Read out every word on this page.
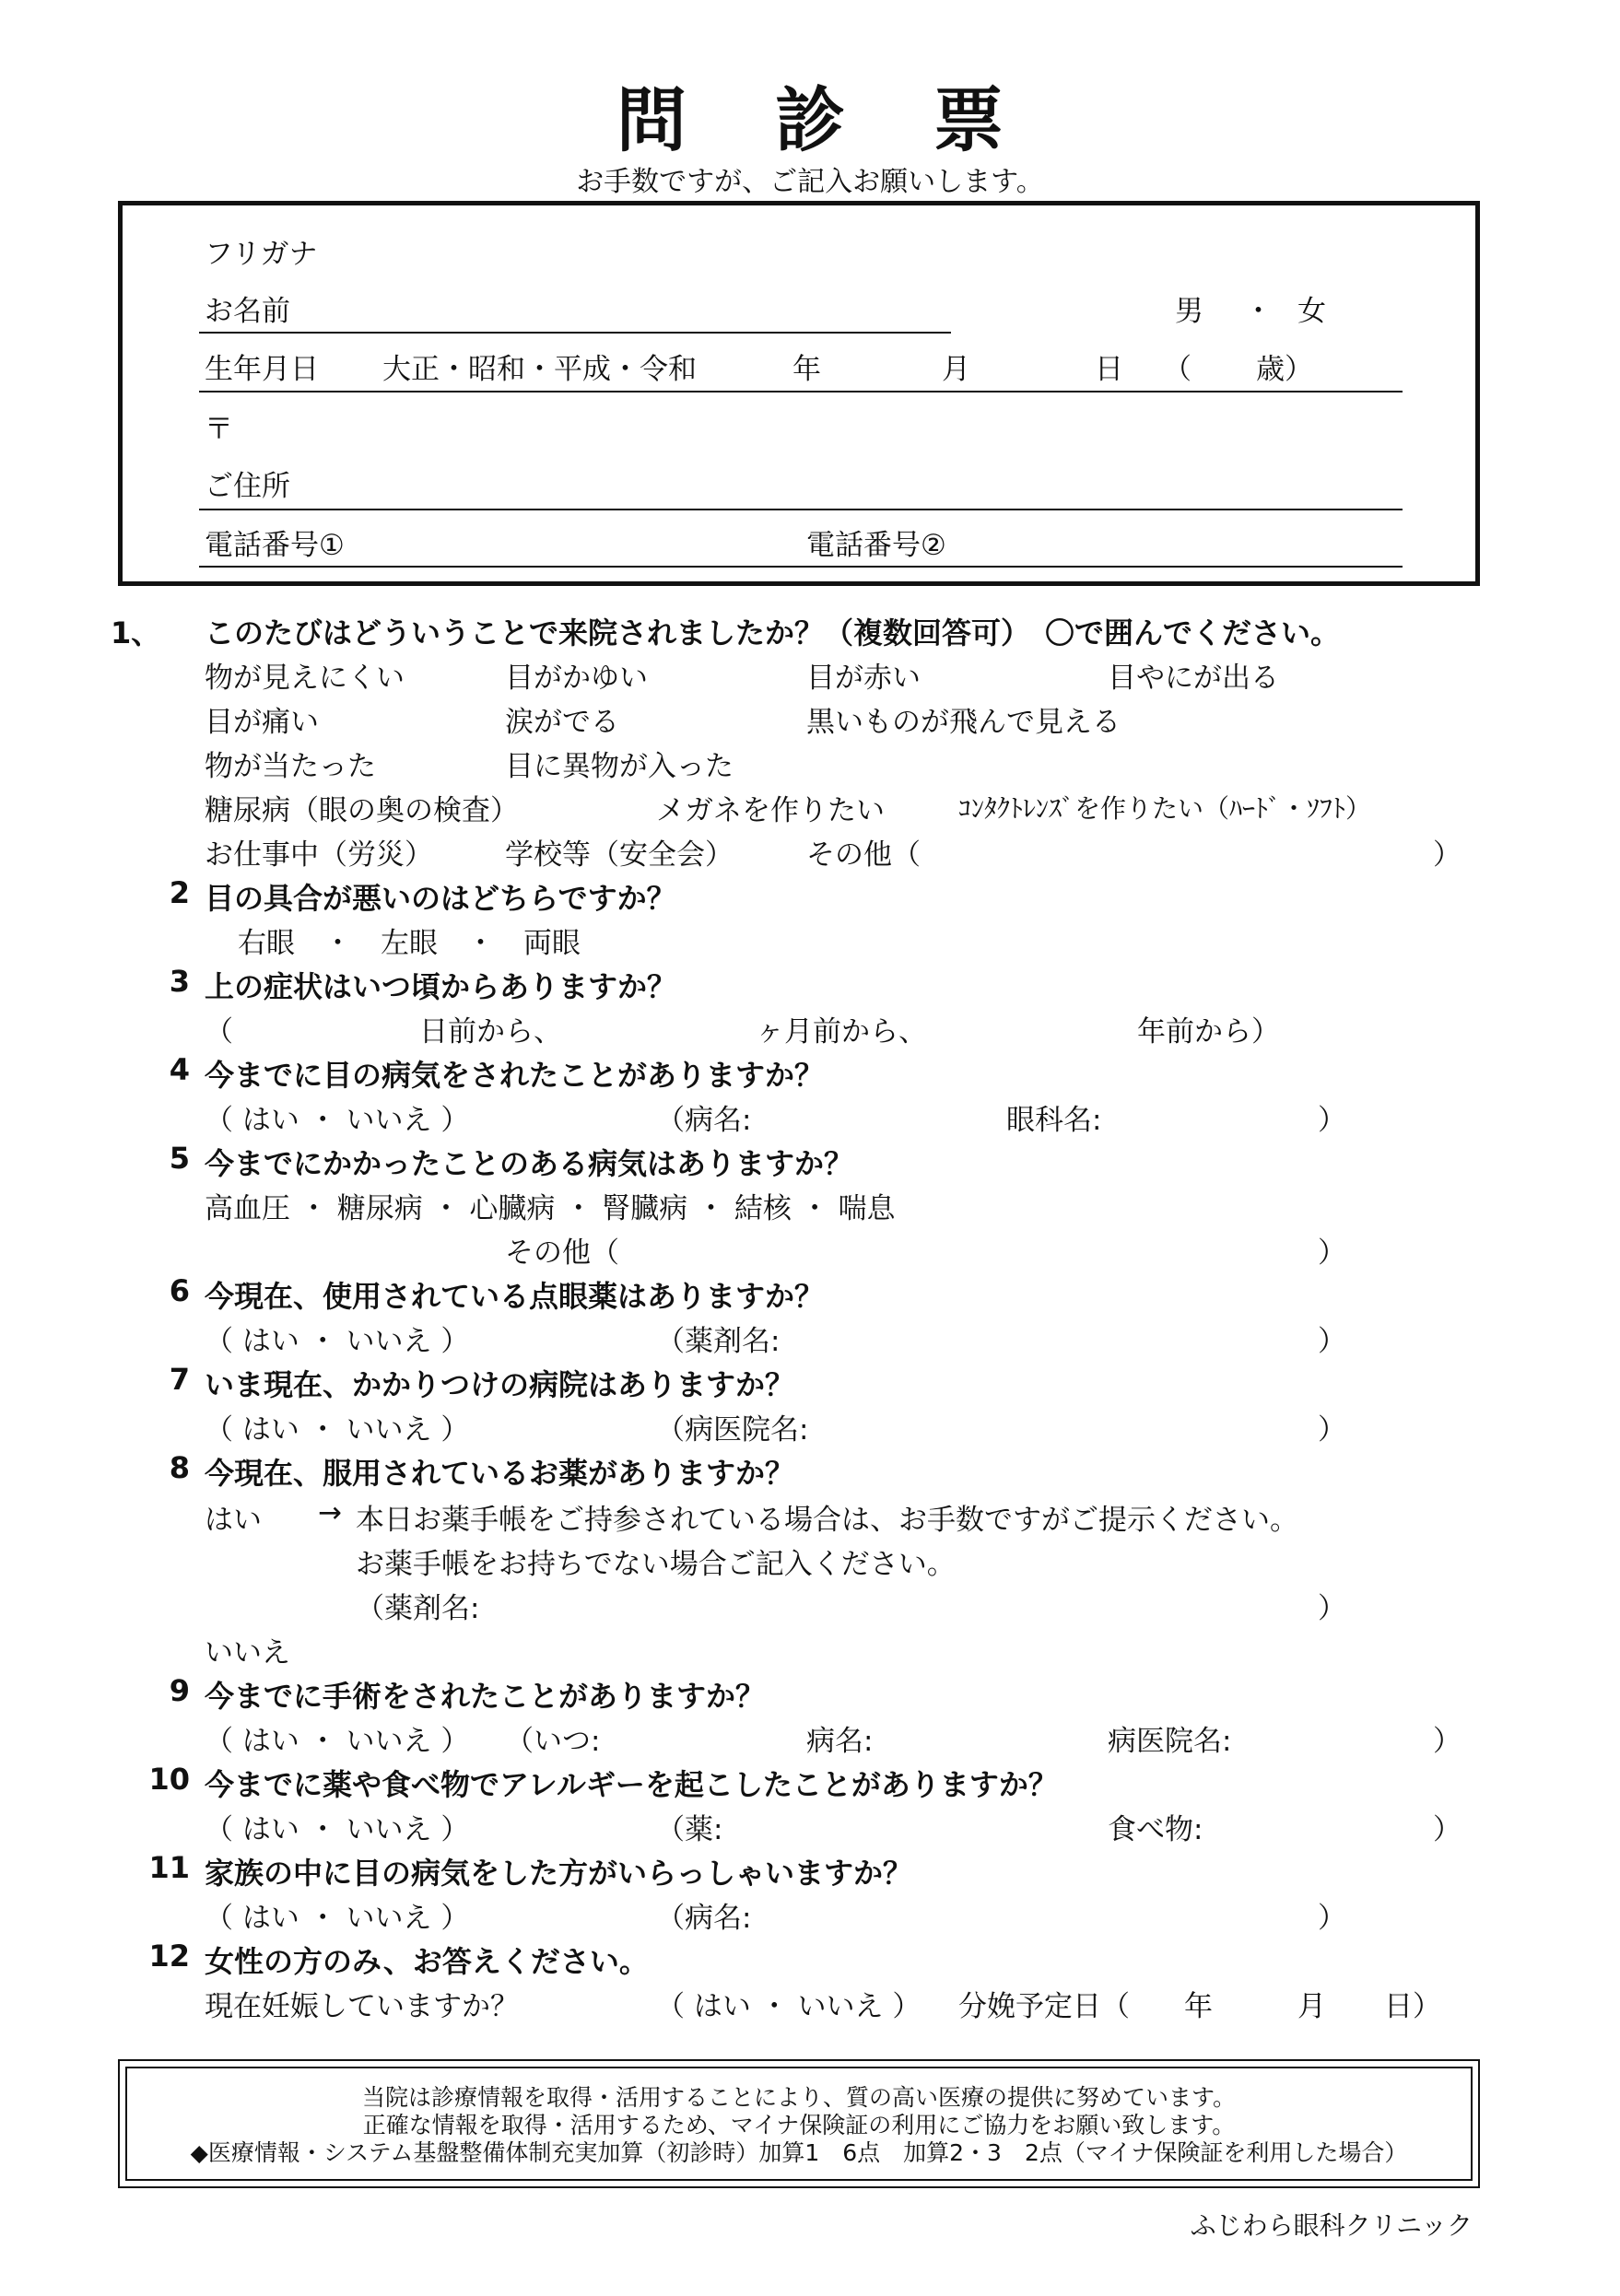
問診票
お手数ですが、ご記入お願いします。
フリガナ
お名前	男 ・ 女
生年月日 大正・昭和・平成・令和	年	月	日 （ 歳）
〒
ご住所
電話番号①	電話番号②
1、	このたびはどういうことで来院されましたか？（複数回答可）　〇で囲んでください。
物が見えにくい	目がかゆい	目が赤い	目やにが出る
目が痛い	涙がでる	黒いものが飛んで見える
物が当たった	目に異物が入った
糖尿病（眼の奥の検査）	メガネを作りたい	ｺﾝﾀｸﾄﾚﾝｽﾞを作りたい（ﾊｰﾄﾞ・ｿﾌﾄ）
お仕事中（労災）	学校等（安全会）	その他（	）
2 目の具合が悪いのはどちらですか？
右眼　・　左眼　・　両眼
3 上の症状はいつ頃からありますか？
（	日前から、	ヶ月前から、	年前から）
4 今までに目の病気をされたことがありますか？
（ はい ・ いいえ ）	（病名:	眼科名:	）
5 今までにかかったことのある病気はありますか？
高血圧 ・ 糖尿病 ・ 心臓病 ・ 腎臓病 ・ 結核 ・ 喘息
その他（	）
6 今現在、使用されている点眼薬はありますか？
（ はい ・ いいえ ）	（薬剤名:	）
7 いま現在、かかりつけの病院はありますか？
（ はい ・ いいえ ）	（病医院名:	）
8 今現在、服用されているお薬がありますか？
はい → 本日お薬手帳をご持参されている場合は、お手数ですがご提示ください。
お薬手帳をお持ちでない場合ご記入ください。
（薬剤名:	）
いいえ
9 今までに手術をされたことがありますか？
（ はい ・ いいえ ） （いつ:	病名:	病医院名:	）
10 今までに薬や食べ物でアレルギーを起こしたことがありますか？
（ はい ・ いいえ ）	（薬:	食べ物:	）
11 家族の中に目の病気をした方がいらっしゃいますか？
（ はい ・ いいえ ）	（病名:	）
12 女性の方のみ、お答えください。
現在妊娠していますか？	（ はい ・ いいえ ） 分娩予定日（ 年	月 日）
当院は診療情報を取得・活用することにより、質の高い医療の提供に努めています。
正確な情報を取得・活用するため、マイナ保険証の利用にご協力をお願い致します。
◆医療情報・システム基盤整備体制充実加算（初診時）加算1　6点　加算2・3　2点（マイナ保険証を利用した場合）
ふじわら眼科クリニック
